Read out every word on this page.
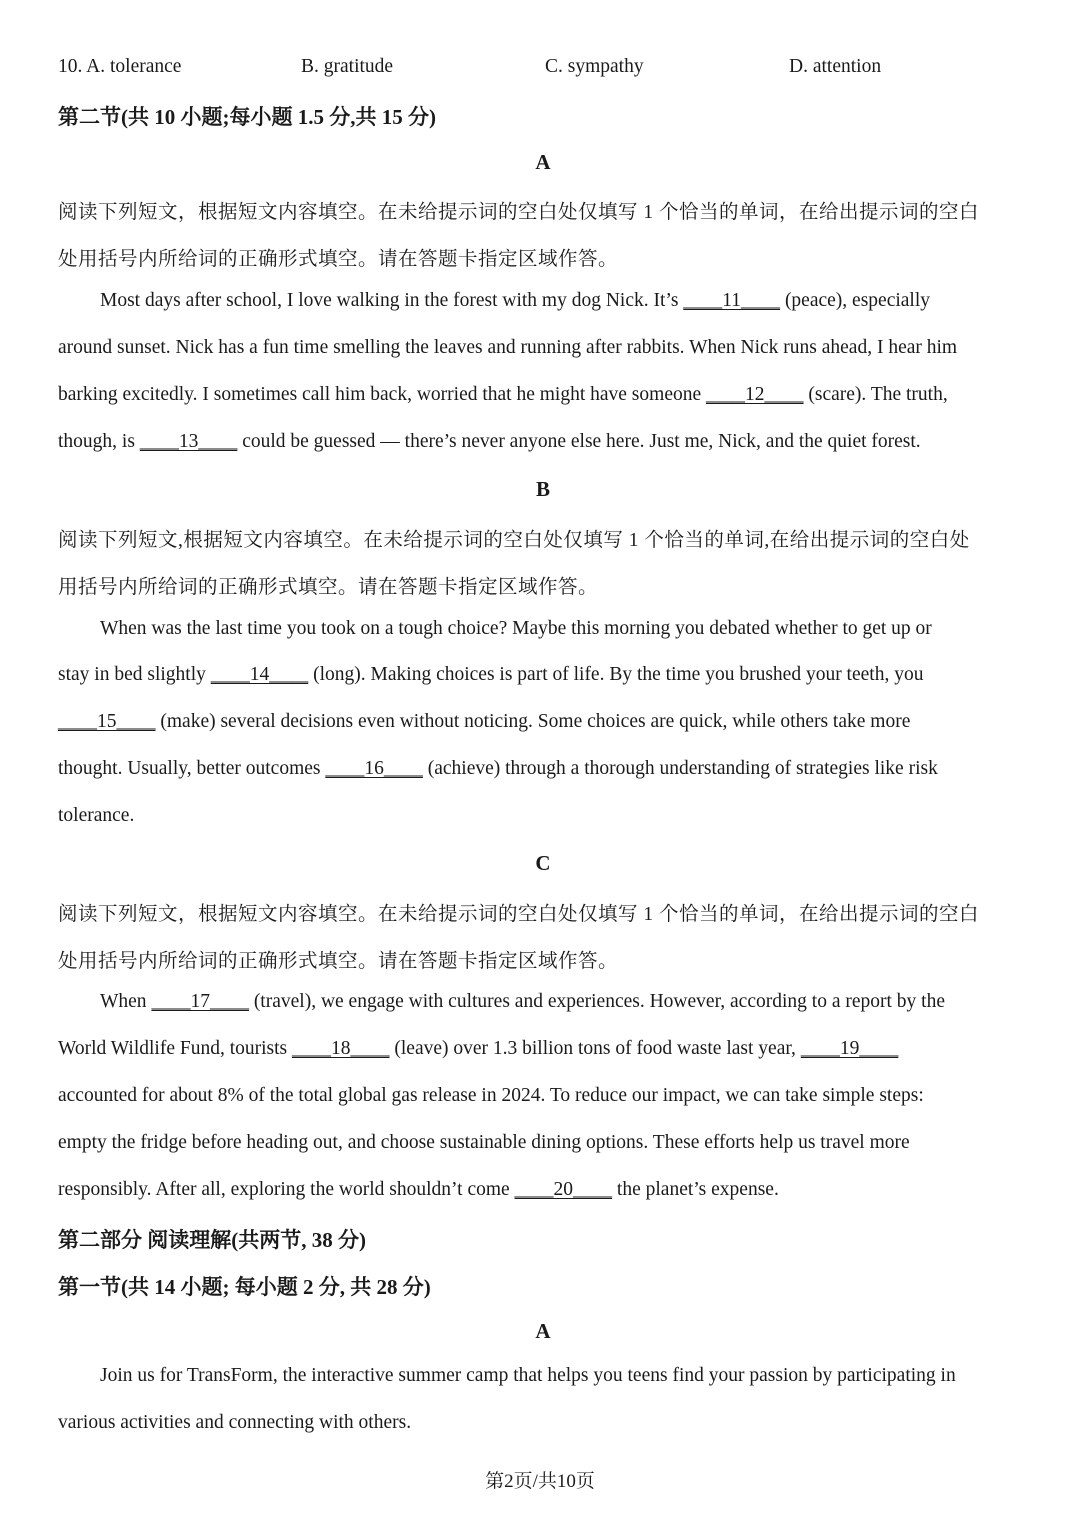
10. A. tolerance	B. gratitude	C. sympathy	D. attention
第二节(共 10 小题;每小题 1.5 分,共 15 分)
A
阅读下列短文，根据短文内容填空。在未给提示词的空白处仅填写 1 个恰当的单词，在给出提示词的空白
处用括号内所给词的正确形式填空。请在答题卡指定区域作答。
Most days after school, I love walking in the forest with my dog Nick. It’s ____11____ (peace), especially
around sunset. Nick has a fun time smelling the leaves and running after rabbits. When Nick runs ahead, I hear him
barking excitedly. I sometimes call him back, worried that he might have someone ____12____ (scare). The truth,
though, is ____13____ could be guessed — there’s never anyone else here. Just me, Nick, and the quiet forest.
B
阅读下列短文,根据短文内容填空。在未给提示词的空白处仅填写 1 个恰当的单词,在给出提示词的空白处
用括号内所给词的正确形式填空。请在答题卡指定区域作答。
When was the last time you took on a tough choice? Maybe this morning you debated whether to get up or
stay in bed slightly ____14____ (long). Making choices is part of life. By the time you brushed your teeth, you
____15____ (make) several decisions even without noticing. Some choices are quick, while others take more
thought. Usually, better outcomes ____16____ (achieve) through a thorough understanding of strategies like risk
tolerance.
C
阅读下列短文，根据短文内容填空。在未给提示词的空白处仅填写 1 个恰当的单词，在给出提示词的空白
处用括号内所给词的正确形式填空。请在答题卡指定区域作答。
When ____17____ (travel), we engage with cultures and experiences. However, according to a report by the
World Wildlife Fund, tourists ____18____ (leave) over 1.3 billion tons of food waste last year, ____19____
accounted for about 8% of the total global gas release in 2024. To reduce our impact, we can take simple steps:
empty the fridge before heading out, and choose sustainable dining options. These efforts help us travel more
responsibly. After all, exploring the world shouldn’t come ____20____ the planet’s expense.
第二部分 阅读理解(共两节, 38 分)
第一节(共 14 小题; 每小题 2 分, 共 28 分)
A
Join us for TransForm, the interactive summer camp that helps you teens find your passion by participating in
various activities and connecting with others.
第2页/共10页
